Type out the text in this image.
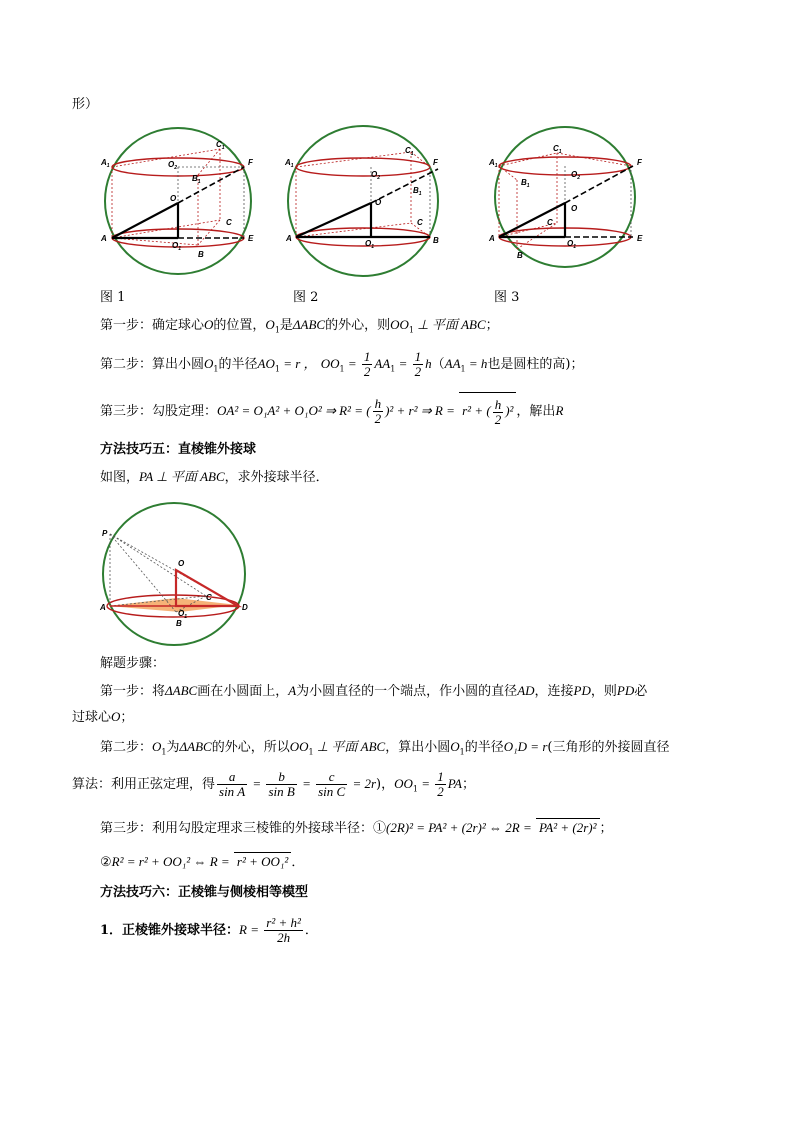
形）
$A_1$	$O_2$
$B_1$
$C_1$
F
O
C
A
$O_1$
E
B
$A_1$
$O_2$
$B_1$
$C_1$
F
O
C
A
$O_1$
B
$A_1$
$C_1$
$O_2$
$B_1$
F
O
C
A
$O_1$
E
B
图 1	图 2	图 3
第一步：确定球心O的位置，$O_1$是ΔABC的外心，则$OO_1$ ⊥ 平面 ABC；
第二步：算出小圆$O_1$的半径$AO_1 = r$ ， $OO_1 = \frac{1}{2} AA_1 = \frac{1}{2} h(AA_1 = h$也是圆柱的高)；
第三步：勾股定理：OA² = O₁A² + O₁O² ⇒ R² = ( $\frac{h}{2} )^2 + r^2$ ⇒ R = r² + ( $\frac{h}{2} )^2$ ，解出R
方法技巧五：直棱锥外接球
如图，PA ⊥ 平面 ABC，求外接球半径．
P
O
C
A
$O_1$
D
B
解题步骤：
第一步：将ΔABC画在小圆面上，A为小圆直径的一个端点，作小圆的直径AD，连接PD，则PD必
过球心O；
第二步：$O_1$为ΔABC的外心，所以$OO_1$ ⊥ 平面 ABC，算出小圆$O_1$的半径O₁D = r(三角形的外接圆直径
算法：利用正弦定理，得 $\frac{a}{\text{sin A}} = \frac{b}{\text{sin B}} = \frac{c}{\text{sin C}} = 2r$)，$OO_1 = \frac{1}{2}$ PA；
第三步：利用勾股定理求三棱锥的外接球半径：①(2R)² = PA² + (2r)² ⇔ 2R = PA² + (2r)² ；
②R² = r² + OO₁² ⇔ R = r² + OO₁² ．
方法技巧六：正棱锥与侧棱相等模型
1．正棱锥外接球半径：$R = \frac{\text{r² + h²}}{2h}$ ．
